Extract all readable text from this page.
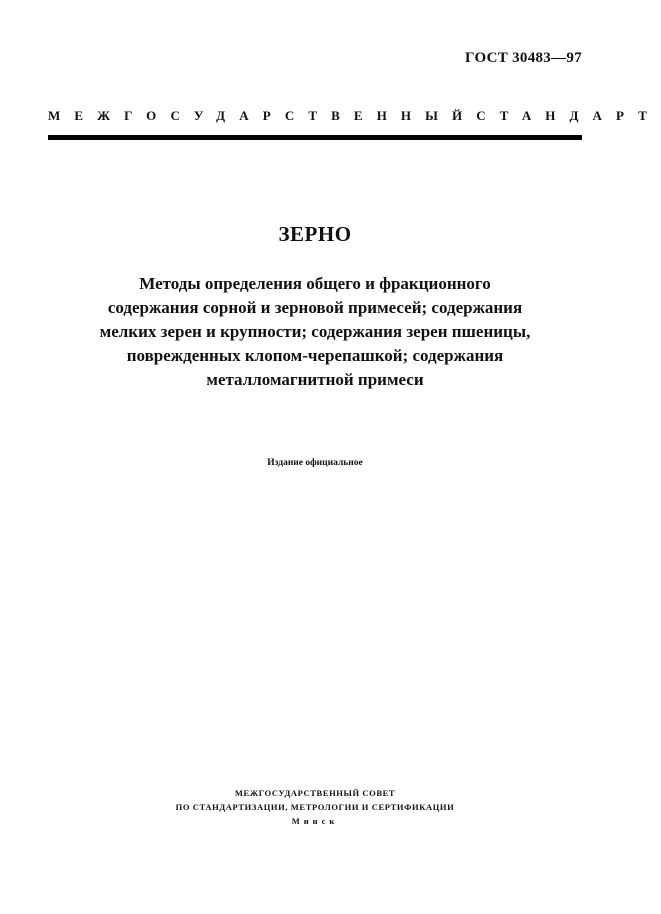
ГОСТ 30483—97
МЕЖГОСУДАРСТВЕННЫЙ СТАНДАРТ
ЗЕРНО
Методы определения общего и фракционного
содержания сорной и зерновой примесей; содержания
мелких зерен и крупности; содержания зерен пшеницы,
поврежденных клопом-черепашкой; содержания
металломагнитной примеси
Издание официальное
МЕЖГОСУДАРСТВЕННЫЙ СОВЕТ
ПО СТАНДАРТИЗАЦИИ, МЕТРОЛОГИИ И СЕРТИФИКАЦИИ
Минск
